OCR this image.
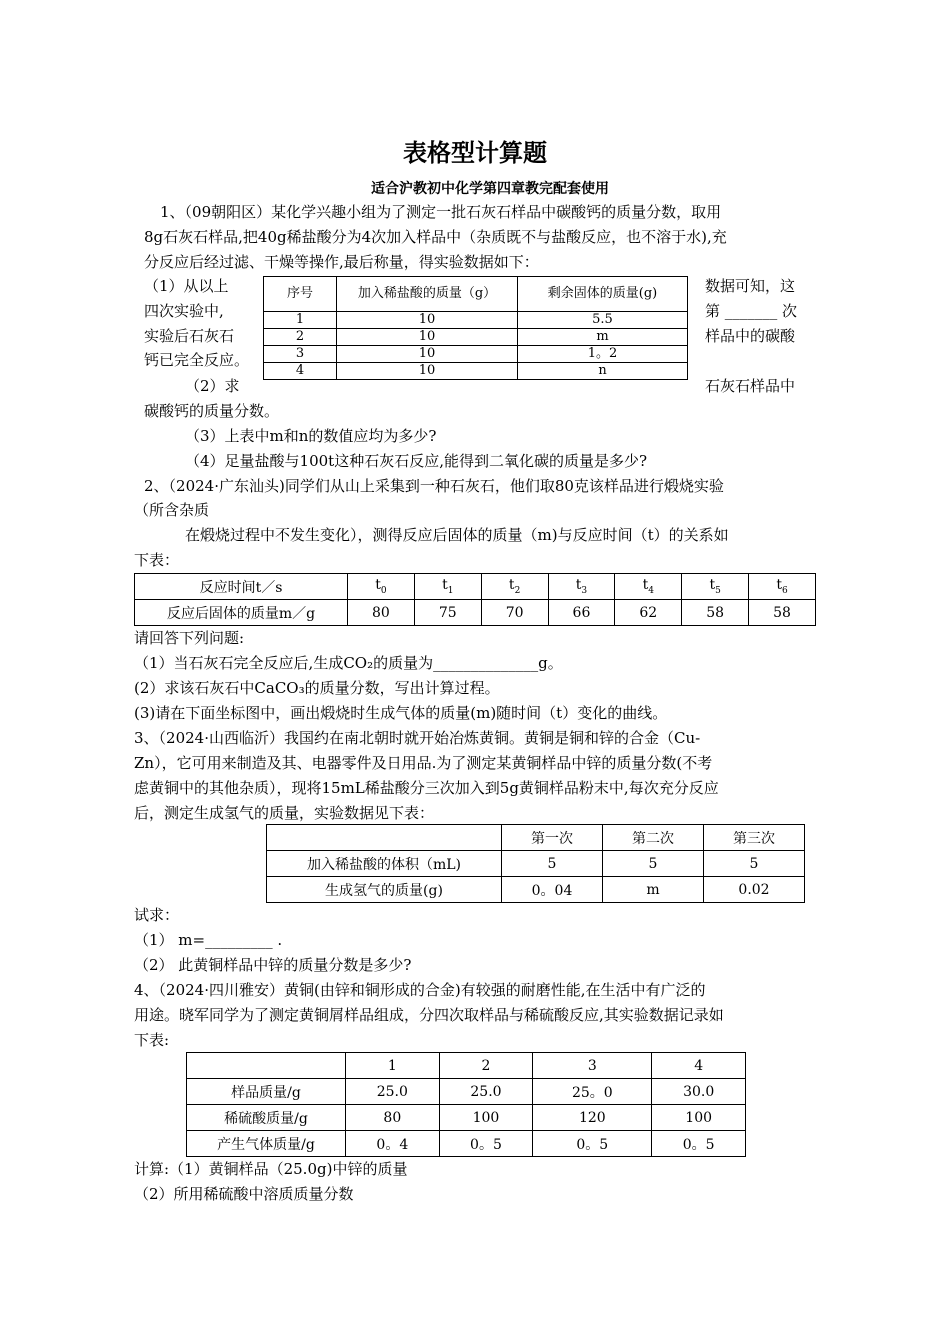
表格型计算题
适合沪教初中化学第四章教完配套使用
1、（09朝阳区）某化学兴趣小组为了测定一批石灰石样品中碳酸钙的质量分数，取用
8g石灰石样品,把40g稀盐酸分为4次加入样品中（杂质既不与盐酸反应，也不溶于水),充
分反应后经过滤、干燥等操作,最后称量，得实验数据如下：
（1）从以上
四次实验中,
实验后石灰石
钙已完全反应。
（2）求
数据可知，这
第 _______ 次
样品中的碳酸
石灰石样品中
序号	加入稀盐酸的质量（g）	剩余固体的质量(g)
1	10	5.5
2	10	m
3	10	1。2
4	10	n
碳酸钙的质量分数。
（3）上表中m和n的数值应均为多少?
（4）足量盐酸与100t这种石灰石反应,能得到二氧化碳的质量是多少?
2、（2024·广东汕头)同学们从山上采集到一种石灰石，他们取80克该样品进行煅烧实验
（所含杂质
在煅烧过程中不发生变化），测得反应后固体的质量（m)与反应时间（t）的关系如
下表：
反应时间t／s	$t_0$	$t_1$	$t_2$	$t_3$	$t_4$	$t_5$	$t_6$
反应后固体的质量m／g	80	75	70	66	62	58	58
请回答下列问题:
（1）当石灰石完全反应后,生成CO₂的质量为______________g。
(2）求该石灰石中CaCO₃的质量分数，写出计算过程。
(3)请在下面坐标图中，画出煅烧时生成气体的质量(m)随时间（t）变化的曲线。
3、（2024·山西临沂）我国约在南北朝时就开始冶炼黄铜。黄铜是铜和锌的合金（Cu-
Zn），它可用来制造及其、电器零件及日用品.为了测定某黄铜样品中锌的质量分数(不考
虑黄铜中的其他杂质），现将15mL稀盐酸分三次加入到5g黄铜样品粉末中,每次充分反应
后，测定生成氢气的质量，实验数据见下表：
	第一次	第二次	第三次
加入稀盐酸的体积（mL)	5	5	5
生成氢气的质量(g)	0。04	m	0.02
试求：
（1） m=_________ .
（2） 此黄铜样品中锌的质量分数是多少?
4、（2024·四川雅安）黄铜(由锌和铜形成的合金)有较强的耐磨性能,在生活中有广泛的
用途。晓军同学为了测定黄铜屑样品组成，分四次取样品与稀硫酸反应,其实验数据记录如
下表:
	1	2	3	4
样品质量/g	25.0	25.0	25。0	30.0
稀硫酸质量/g	80	100	120	100
产生气体质量/g	0。4	0。5	0。5	0。5
计算:（1）黄铜样品（25.0g)中锌的质量
（2）所用稀硫酸中溶质质量分数
